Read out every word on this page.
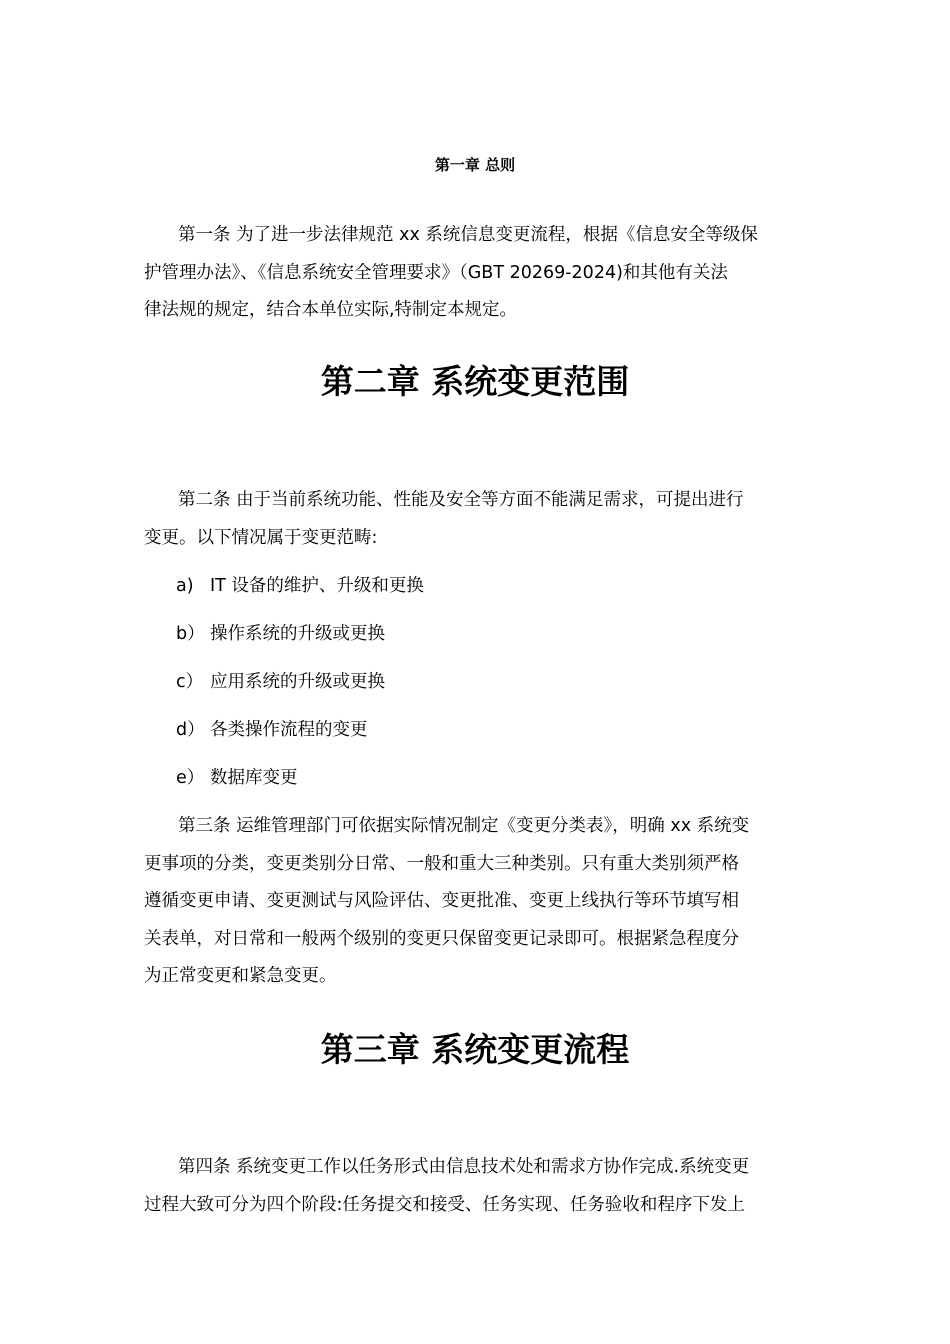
第一章 总则
第一条 为了进一步法律规范 xx 系统信息变更流程，根据《信息安全等级保
护管理办法》、《信息系统安全管理要求》（GBT 20269-2024)和其他有关法
律法规的规定，结合本单位实际,特制定本规定。
第二章 系统变更范围
第二条 由于当前系统功能、性能及安全等方面不能满足需求，可提出进行
变更。以下情况属于变更范畴:
a) IT 设备的维护、升级和更换
b） 操作系统的升级或更换
c） 应用系统的升级或更换
d） 各类操作流程的变更
e） 数据库变更
第三条 运维管理部门可依据实际情况制定《变更分类表》，明确 xx 系统变
更事项的分类，变更类别分日常、一般和重大三种类别。只有重大类别须严格
遵循变更申请、变更测试与风险评估、变更批准、变更上线执行等环节填写相
关表单，对日常和一般两个级别的变更只保留变更记录即可。根据紧急程度分
为正常变更和紧急变更。
第三章 系统变更流程
第四条 系统变更工作以任务形式由信息技术处和需求方协作完成.系统变更
过程大致可分为四个阶段:任务提交和接受、任务实现、任务验收和程序下发上
